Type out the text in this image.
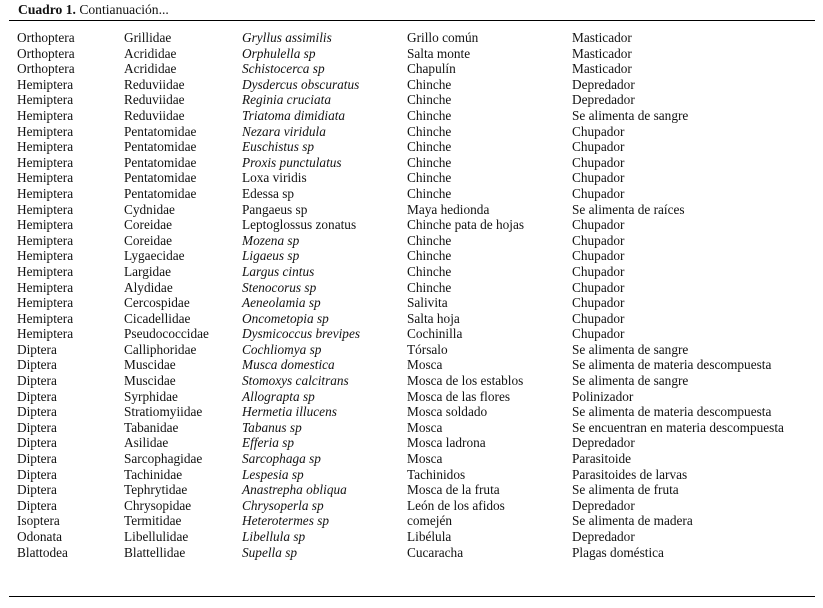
Cuadro 1. Contianuación...
Orthoptera	Grillidae	Gryllus assimilis	Grillo común	Masticador
Orthoptera	Acrididae	Orphulella sp	Salta monte	Masticador
Orthoptera	Acrididae	Schistocerca sp	Chapulín	Masticador
Hemiptera	Reduviidae	Dysdercus obscuratus	Chinche	Depredador
Hemiptera	Reduviidae	Reginia cruciata	Chinche	Depredador
Hemiptera	Reduviidae	Triatoma dimidiata	Chinche	Se alimenta de sangre
Hemiptera	Pentatomidae	Nezara viridula	Chinche	Chupador
Hemiptera	Pentatomidae	Euschistus sp	Chinche	Chupador
Hemiptera	Pentatomidae	Proxis punctulatus	Chinche	Chupador
Hemiptera	Pentatomidae	Loxa viridis	Chinche	Chupador
Hemiptera	Pentatomidae	Edessa sp	Chinche	Chupador
Hemiptera	Cydnidae	Pangaeus sp	Maya hedionda	Se alimenta de raíces
Hemiptera	Coreidae	Leptoglossus zonatus	Chinche pata de hojas	Chupador
Hemiptera	Coreidae	Mozena sp	Chinche	Chupador
Hemiptera	Lygaecidae	Ligaeus sp	Chinche	Chupador
Hemiptera	Largidae	Largus cintus	Chinche	Chupador
Hemiptera	Alydidae	Stenocorus sp	Chinche	Chupador
Hemiptera	Cercospidae	Aeneolamia sp	Salivita	Chupador
Hemiptera	Cicadellidae	Oncometopia sp	Salta hoja	Chupador
Hemiptera	Pseudococcidae	Dysmicoccus brevipes	Cochinilla	Chupador
Diptera	Calliphoridae	Cochliomya sp	Tórsalo	Se alimenta de sangre
Diptera	Muscidae	Musca domestica	Mosca	Se alimenta de materia descompuesta
Diptera	Muscidae	Stomoxys calcitrans	Mosca de los establos	Se alimenta de sangre
Diptera	Syrphidae	Allograpta sp	Mosca de las flores	Polinizador
Diptera	Stratiomyiidae	Hermetia illucens	Mosca soldado	Se alimenta de materia descompuesta
Diptera	Tabanidae	Tabanus sp	Mosca	Se encuentran en materia descompuesta
Diptera	Asilidae	Efferia sp	Mosca ladrona	Depredador
Diptera	Sarcophagidae	Sarcophaga sp	Mosca	Parasitoide
Diptera	Tachinidae	Lespesia sp	Tachinidos	Parasitoides de larvas
Diptera	Tephrytidae	Anastrepha obliqua	Mosca de la fruta	Se alimenta de fruta
Diptera	Chrysopidae	Chrysoperla sp	León de los afidos	Depredador
Isoptera	Termitidae	Heterotermes sp	comején	Se alimenta de madera
Odonata	Libellulidae	Libellula sp	Libélula	Depredador
Blattodea	Blattellidae	Supella sp	Cucaracha	Plagas doméstica
